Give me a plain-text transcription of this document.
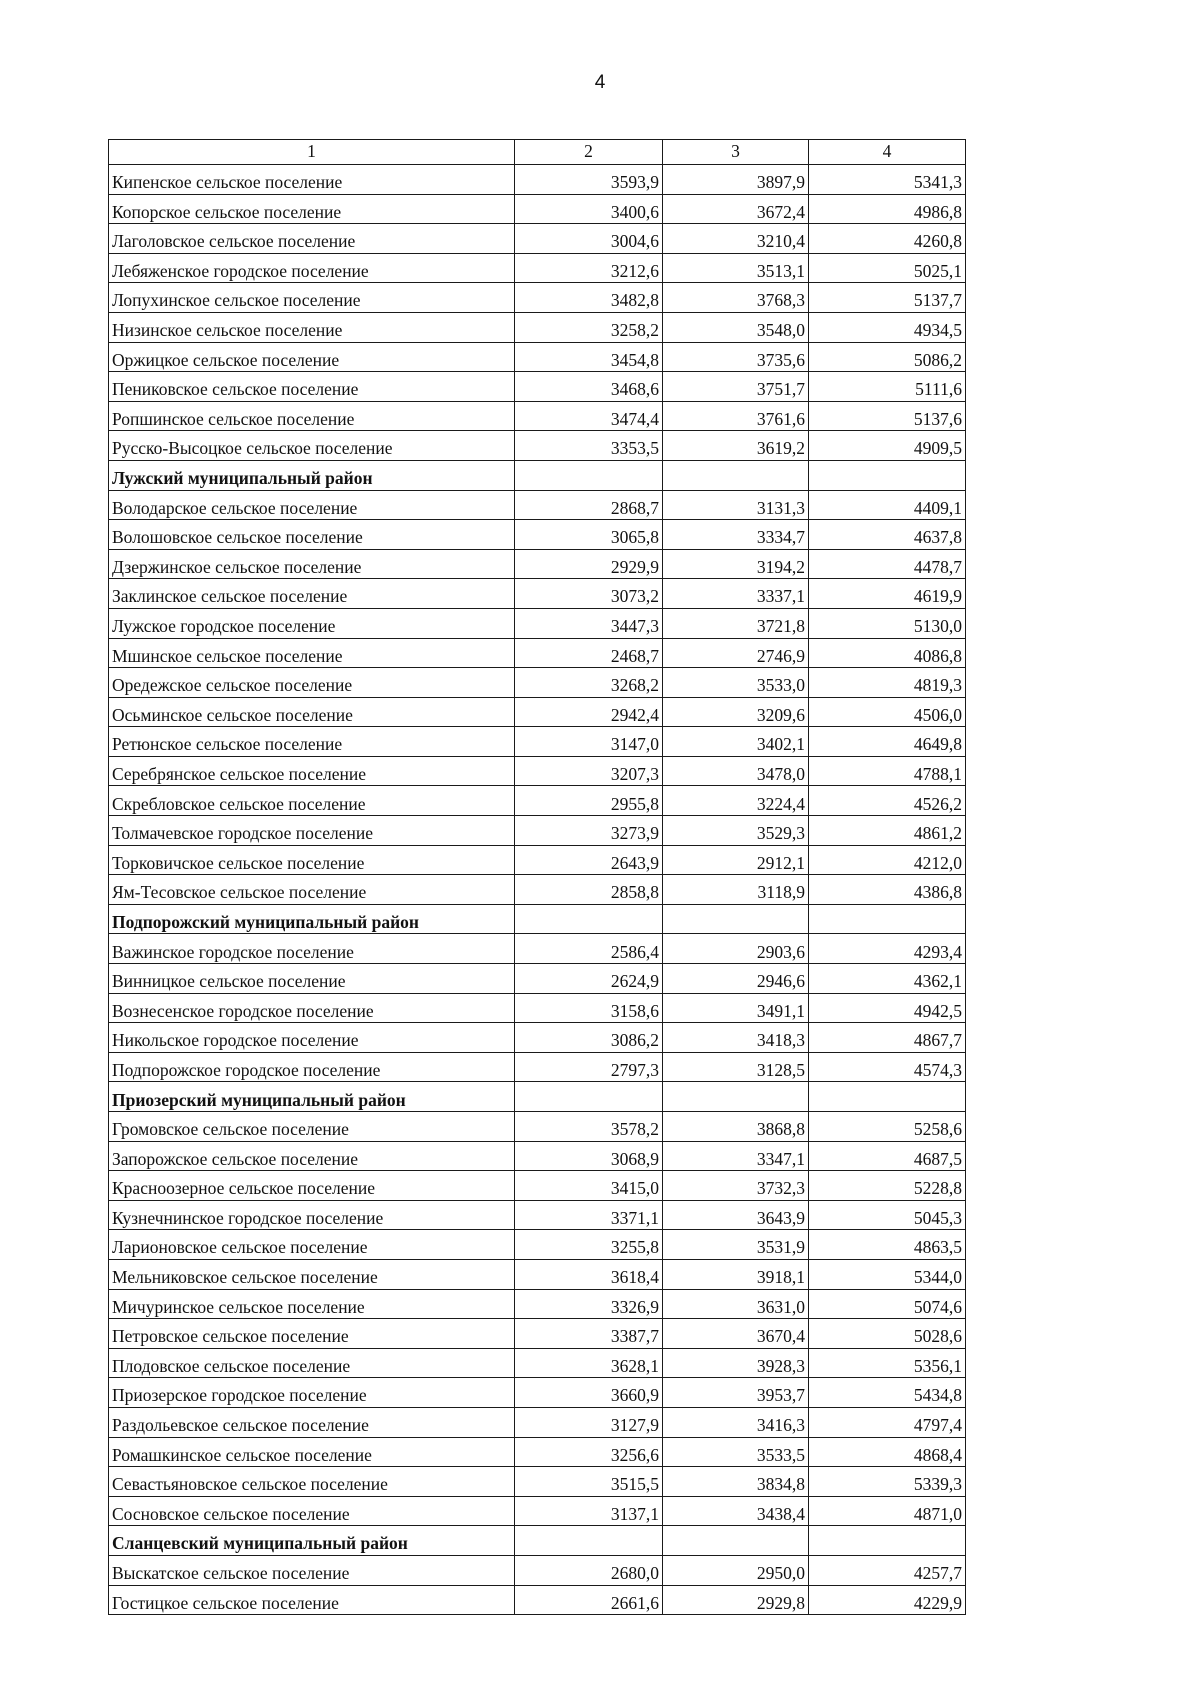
4
1	2	3	4
Кипенское сельское поселение	3593,9	3897,9	5341,3
Копорское сельское поселение	3400,6	3672,4	4986,8
Лаголовское сельское поселение	3004,6	3210,4	4260,8
Лебяженское городское поселение	3212,6	3513,1	5025,1
Лопухинское сельское поселение	3482,8	3768,3	5137,7
Низинское сельское поселение	3258,2	3548,0	4934,5
Оржицкое сельское поселение	3454,8	3735,6	5086,2
Пениковское сельское поселение	3468,6	3751,7	5111,6
Ропшинское сельское поселение	3474,4	3761,6	5137,6
Русско-Высоцкое сельское поселение	3353,5	3619,2	4909,5
Лужский муниципальный район			
Володарское сельское поселение	2868,7	3131,3	4409,1
Волошовское сельское поселение	3065,8	3334,7	4637,8
Дзержинское сельское поселение	2929,9	3194,2	4478,7
Заклинское сельское поселение	3073,2	3337,1	4619,9
Лужское городское поселение	3447,3	3721,8	5130,0
Мшинское сельское поселение	2468,7	2746,9	4086,8
Оредежское сельское поселение	3268,2	3533,0	4819,3
Осьминское сельское поселение	2942,4	3209,6	4506,0
Ретюнское сельское поселение	3147,0	3402,1	4649,8
Серебрянское сельское поселение	3207,3	3478,0	4788,1
Скребловское сельское поселение	2955,8	3224,4	4526,2
Толмачевское городское поселение	3273,9	3529,3	4861,2
Торковичское сельское поселение	2643,9	2912,1	4212,0
Ям-Тесовское сельское поселение	2858,8	3118,9	4386,8
Подпорожский муниципальный район			
Важинское городское поселение	2586,4	2903,6	4293,4
Винницкое сельское поселение	2624,9	2946,6	4362,1
Вознесенское городское поселение	3158,6	3491,1	4942,5
Никольское городское поселение	3086,2	3418,3	4867,7
Подпорожское городское поселение	2797,3	3128,5	4574,3
Приозерский муниципальный район			
Громовское сельское поселение	3578,2	3868,8	5258,6
Запорожское сельское поселение	3068,9	3347,1	4687,5
Красноозерное сельское поселение	3415,0	3732,3	5228,8
Кузнечнинское городское поселение	3371,1	3643,9	5045,3
Ларионовское сельское поселение	3255,8	3531,9	4863,5
Мельниковское сельское поселение	3618,4	3918,1	5344,0
Мичуринское сельское поселение	3326,9	3631,0	5074,6
Петровское сельское поселение	3387,7	3670,4	5028,6
Плодовское сельское поселение	3628,1	3928,3	5356,1
Приозерское городское поселение	3660,9	3953,7	5434,8
Раздольевское сельское поселение	3127,9	3416,3	4797,4
Ромашкинское сельское поселение	3256,6	3533,5	4868,4
Севастьяновское сельское поселение	3515,5	3834,8	5339,3
Сосновское сельское поселение	3137,1	3438,4	4871,0
Сланцевский муниципальный район			
Выскатское сельское поселение	2680,0	2950,0	4257,7
Гостицкое сельское поселение	2661,6	2929,8	4229,9
